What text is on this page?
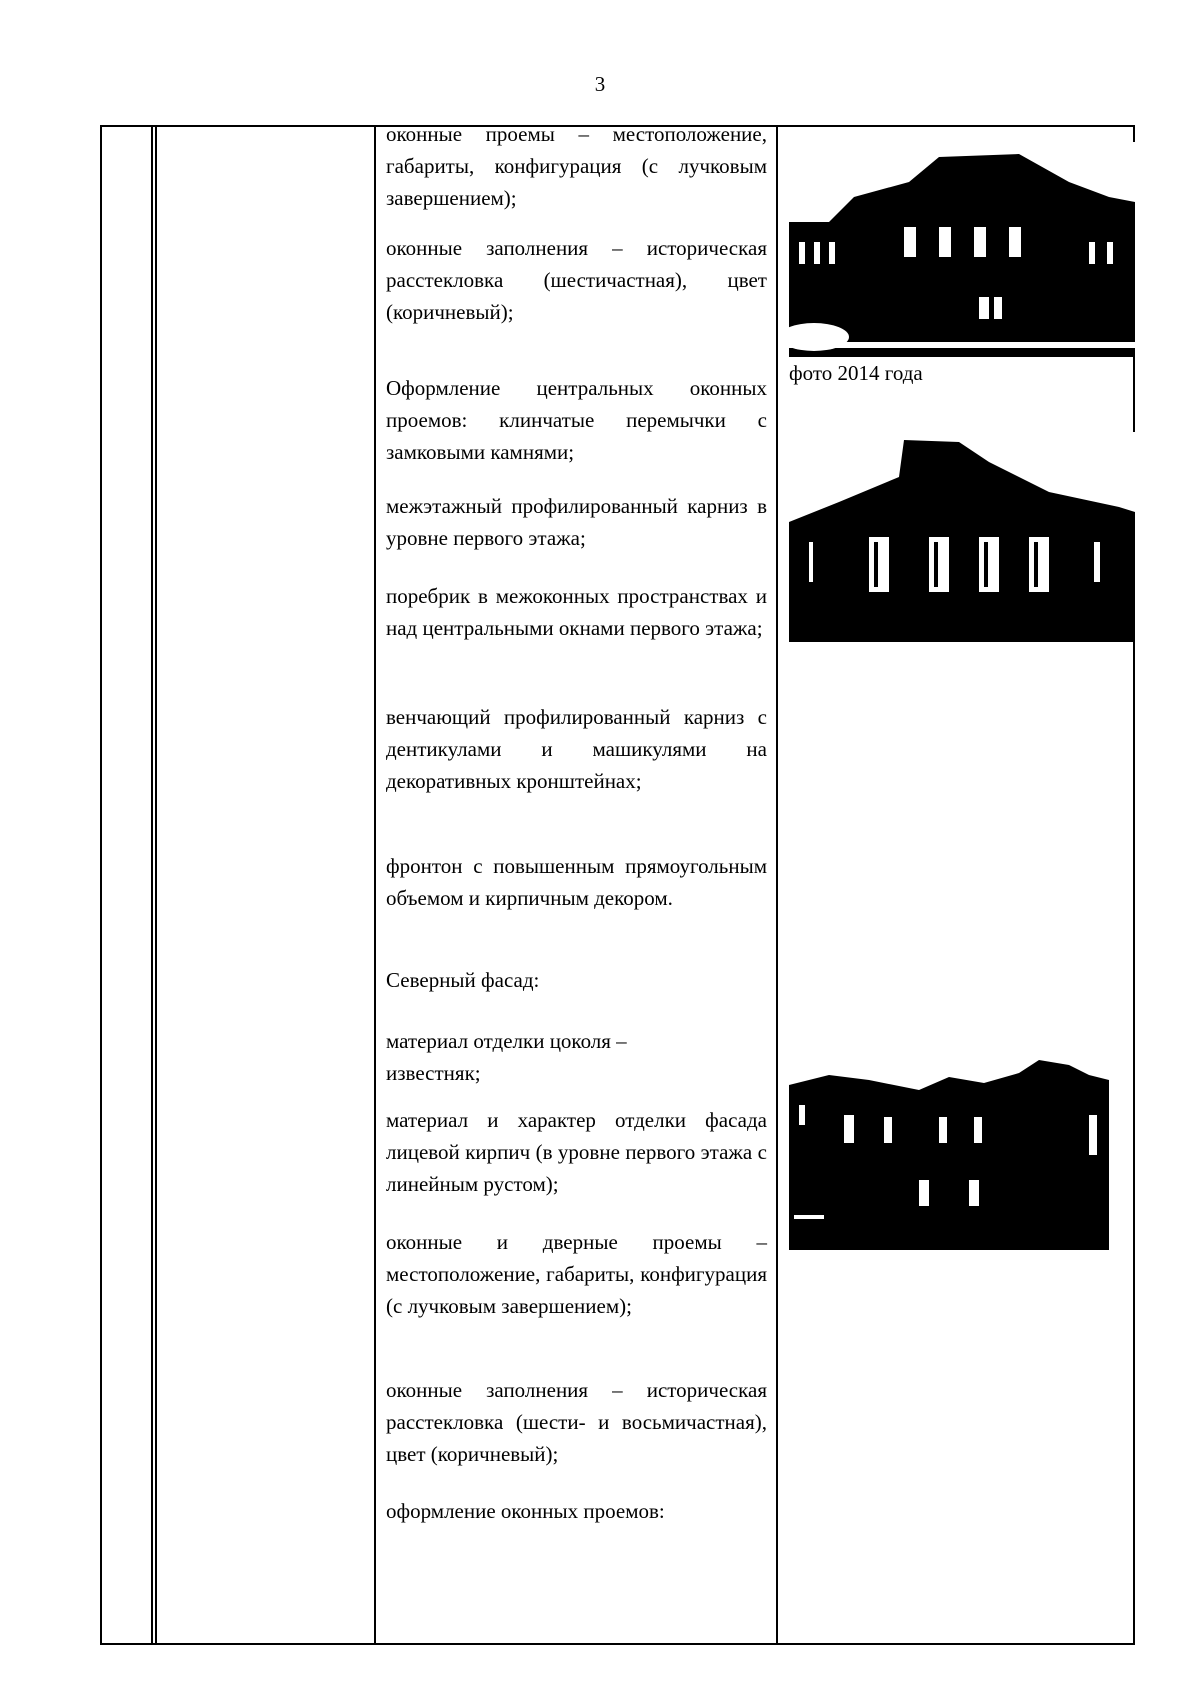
3

оконные проемы – местоположение, габариты, конфигурация (с лучковым завершением);

оконные заполнения – историческая расстекловка (шестичастная), цвет (коричневый);

Оформление центральных оконных проемов: клинчатые перемычки с замковыми камнями;

межэтажный профилированный карниз в уровне первого этажа;

поребрик в межоконных пространствах и над центральными окнами первого этажа;

венчающий профилированный карниз с дентикулами и машикулями на декоративных кронштейнах;

фронтон с повышенным прямоугольным объемом и кирпичным декором.

Северный фасад:

материал отделки цоколя – известняк;

материал и характер отделки фасада лицевой кирпич (в уровне первого этажа с линейным рустом);

оконные и дверные проемы – местоположение, габариты, конфигурация (с лучковым завершением);

оконные заполнения – историческая расстекловка (шести- и восьмичастная), цвет (коричневый);

оформление оконных проемов:

фото 2014 года
